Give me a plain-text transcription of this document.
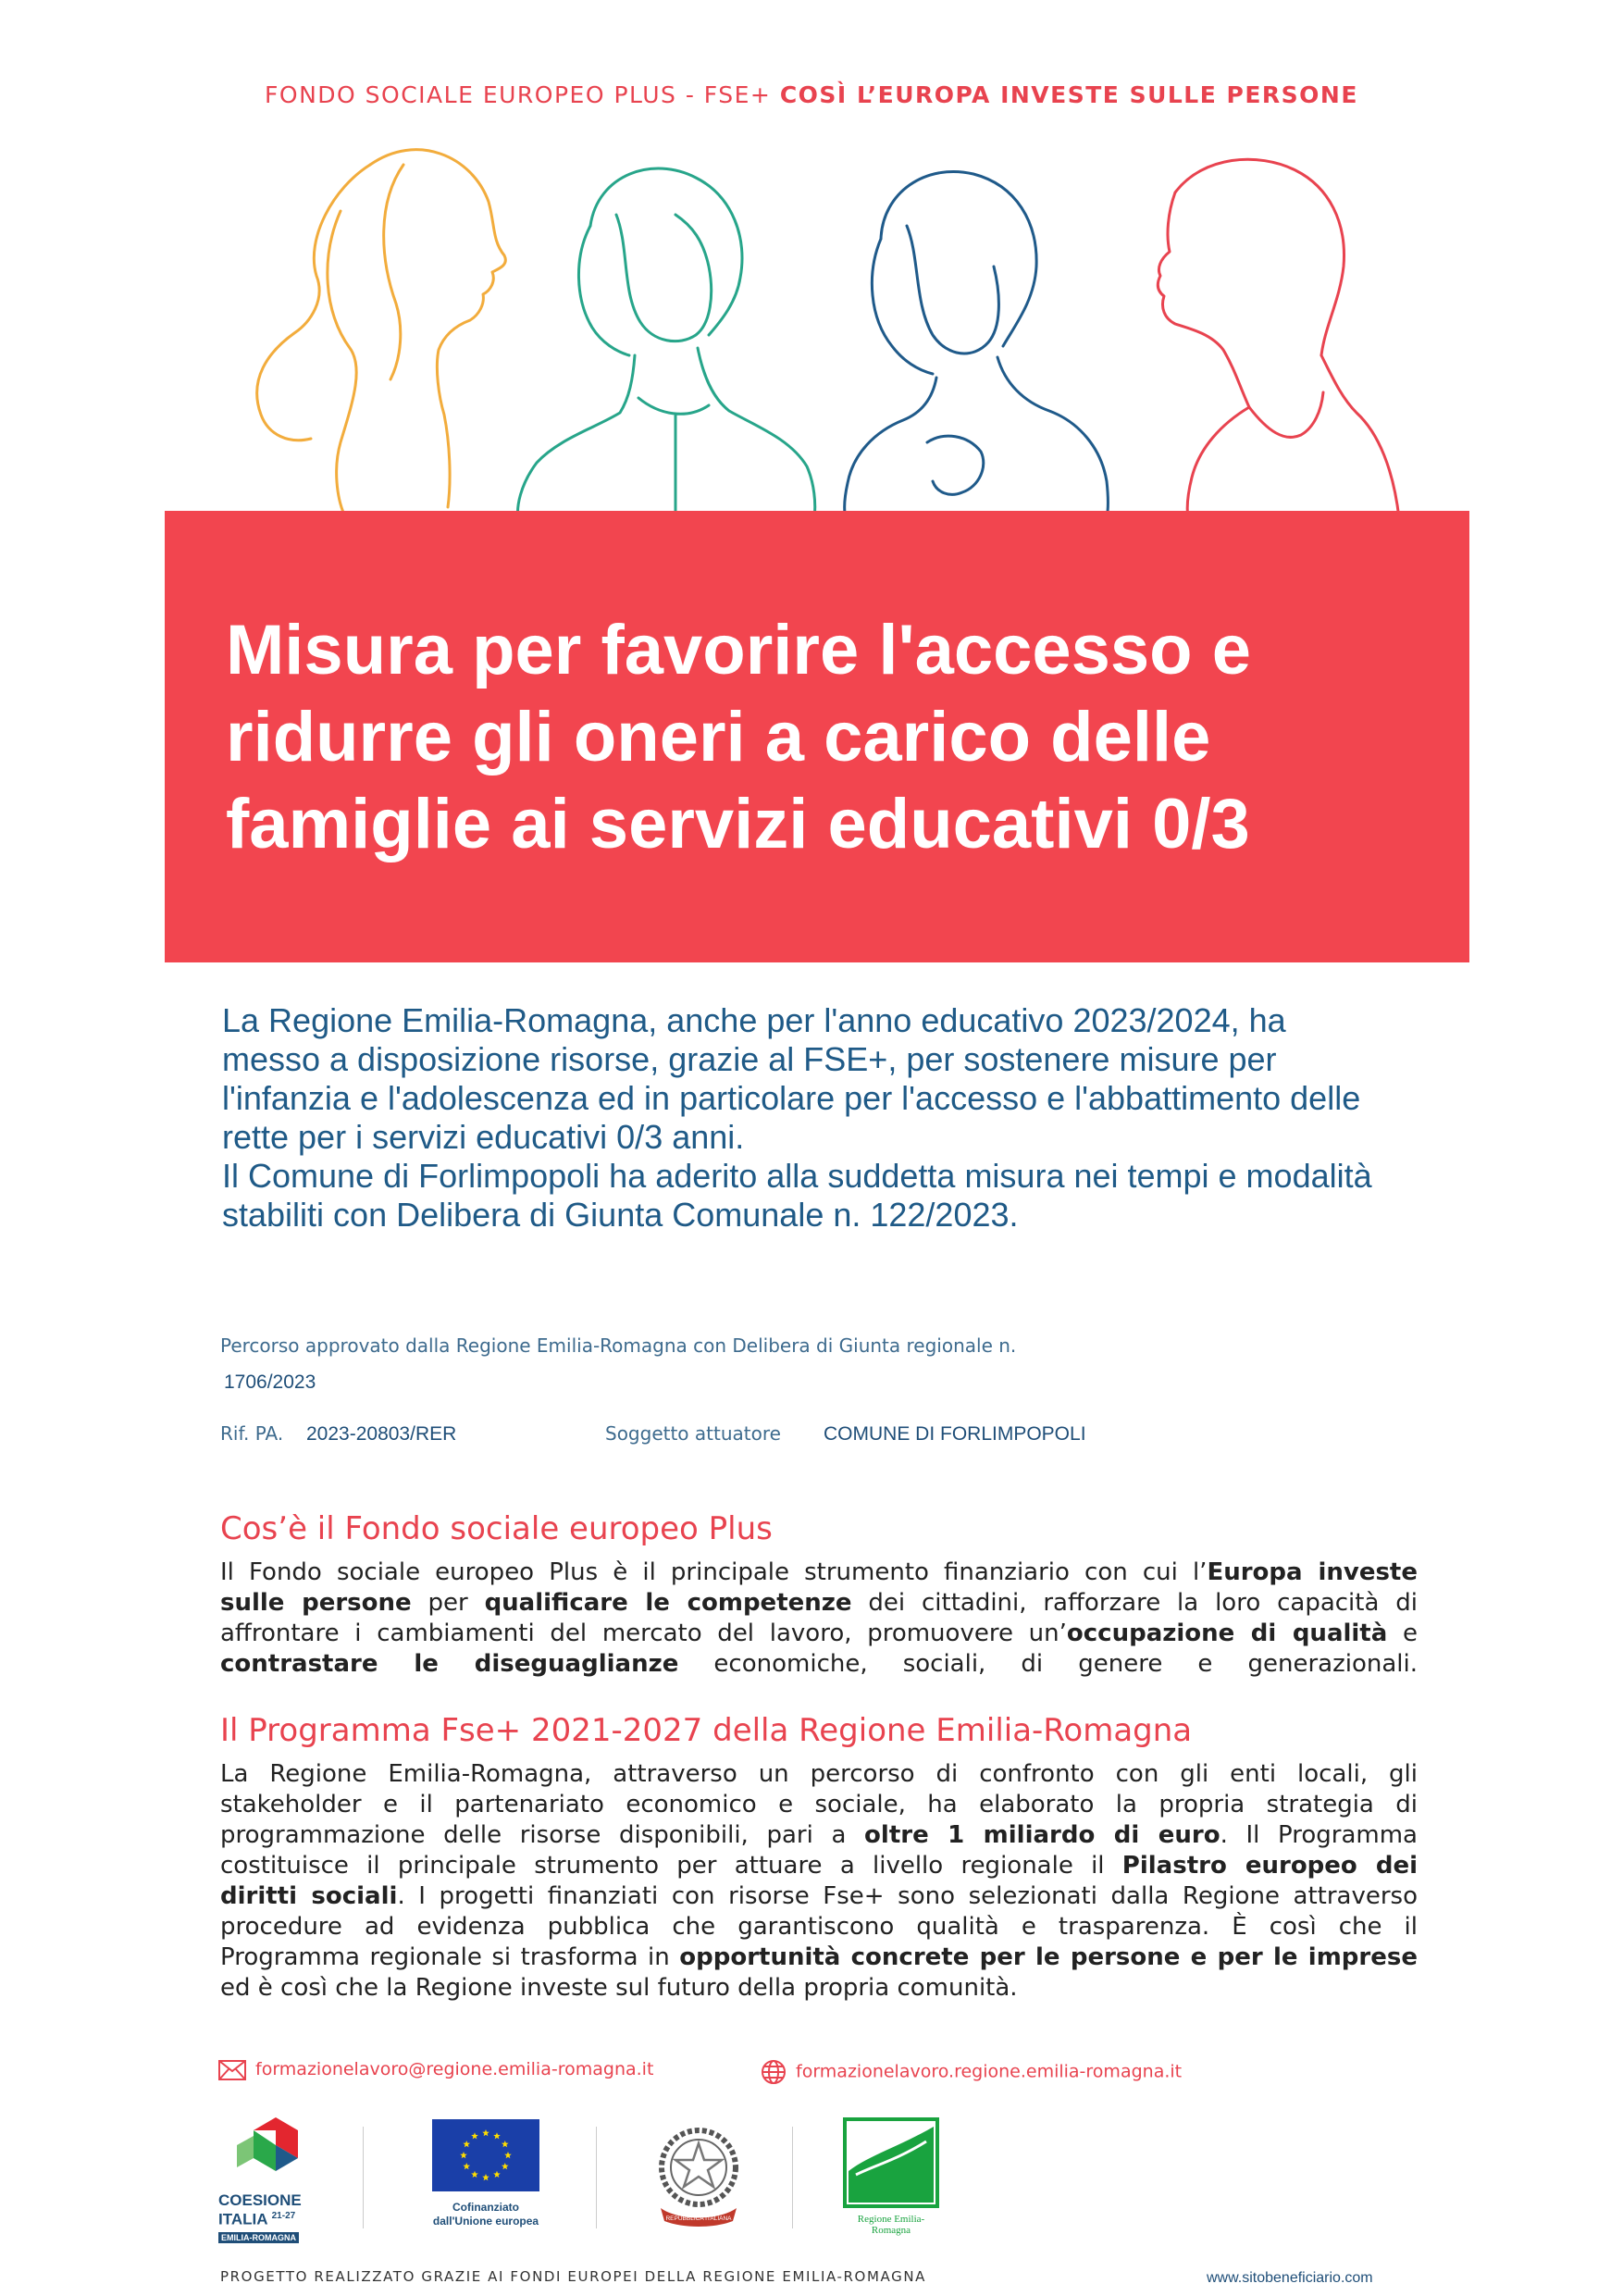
FONDO SOCIALE EUROPEO PLUS - FSE+ COSÌ L’EUROPA INVESTE SULLE PERSONE
Misura per favorire l'accesso e
ridurre gli oneri a carico delle
famiglie ai servizi educativi 0/3

La Regione Emilia-Romagna, anche per l'anno educativo 2023/2024, ha

messo a disposizione risorse, grazie al FSE+, per sostenere misure per

l'infanzia e l'adolescenza ed in particolare per l'accesso e l'abbattimento delle

rette per i servizi educativi 0/3 anni.

Il Comune di Forlimpopoli ha aderito alla suddetta misura nei tempi e modalità

stabiliti con Delibera di Giunta Comunale n. 122/2023.

Percorso approvato dalla Regione Emilia-Romagna con Delibera di Giunta regionale n.
1706/2023
Rif. PA. 2023-20803/RER	Soggetto attuatore COMUNE DI FORLIMPOPOLI
Cos’è il Fondo sociale europeo Plus
Il Fondo sociale europeo Plus è il principale strumento finanziario con cui l’Europa investe
sulle persone per qualificare le competenze dei cittadini, rafforzare la loro capacità di
affrontare i cambiamenti del mercato del lavoro, promuovere un’occupazione di qualità e
contrastare le diseguaglianze economiche, sociali, di genere e generazionali.
Il Programma Fse+ 2021-2027 della Regione Emilia-Romagna
La Regione Emilia-Romagna, attraverso un percorso di confronto con gli enti locali, gli
stakeholder e il partenariato economico e sociale, ha elaborato la propria strategia di
programmazione delle risorse disponibili, pari a oltre 1 miliardo di euro. Il Programma
costituisce il principale strumento per attuare a livello regionale il Pilastro europeo dei
diritti sociali. I progetti finanziati con risorse Fse+ sono selezionati dalla Regione attraverso
procedure ad evidenza pubblica che garantiscono qualità e trasparenza. È così che il
Programma regionale si trasforma in opportunità concrete per le persone e per le imprese
ed è così che la Regione investe sul futuro della propria comunità.
formazionelavoro@regione.emilia-romagna.it	formazionelavoro.regione.emilia-romagna.it
COESIONE
ITALIA $^{21-27}$
EMILIA-ROMAGNA
Cofinanziato
dall'Unione europea	REPUBBLICA ITALIANA	Regione Emilia-Romagna
PROGETTO REALIZZATO GRAZIE AI FONDI EUROPEI DELLA REGIONE EMILIA-ROMAGNA	www.sitobeneficiario.com
